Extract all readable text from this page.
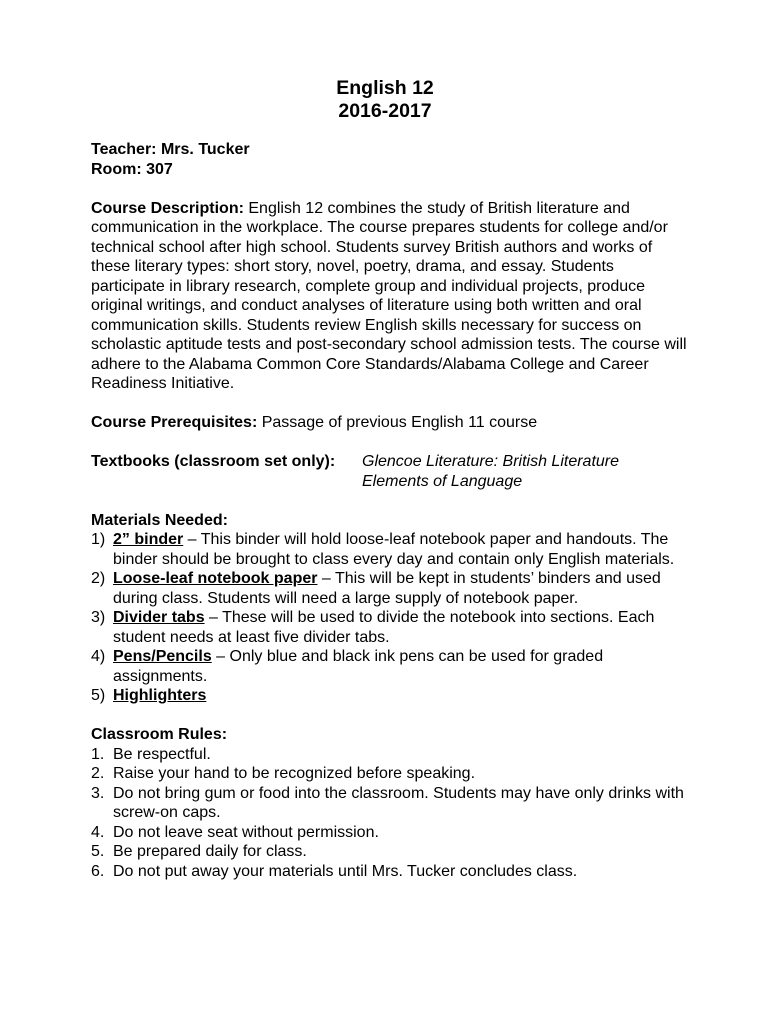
English 12
2016-2017
Teacher: Mrs. Tucker
Room: 307
Course Description: English 12 combines the study of British literature and communication in the workplace. The course prepares students for college and/or technical school after high school. Students survey British authors and works of these literary types: short story, novel, poetry, drama, and essay. Students participate in library research, complete group and individual projects, produce original writings, and conduct analyses of literature using both written and oral communication skills. Students review English skills necessary for success on scholastic aptitude tests and post-secondary school admission tests. The course will adhere to the Alabama Common Core Standards/Alabama College and Career Readiness Initiative.
Course Prerequisites: Passage of previous English 11 course
Textbooks (classroom set only):	Glencoe Literature: British Literature
Elements of Language
Materials Needed:
1) 2” binder – This binder will hold loose-leaf notebook paper and handouts. The binder should be brought to class every day and contain only English materials.
2) Loose-leaf notebook paper – This will be kept in students’ binders and used during class. Students will need a large supply of notebook paper.
3) Divider tabs – These will be used to divide the notebook into sections. Each student needs at least five divider tabs.
4) Pens/Pencils – Only blue and black ink pens can be used for graded assignments.
5) Highlighters
Classroom Rules:
1. Be respectful.
2. Raise your hand to be recognized before speaking.
3. Do not bring gum or food into the classroom. Students may have only drinks with screw-on caps.
4. Do not leave seat without permission.
5. Be prepared daily for class.
6. Do not put away your materials until Mrs. Tucker concludes class.
